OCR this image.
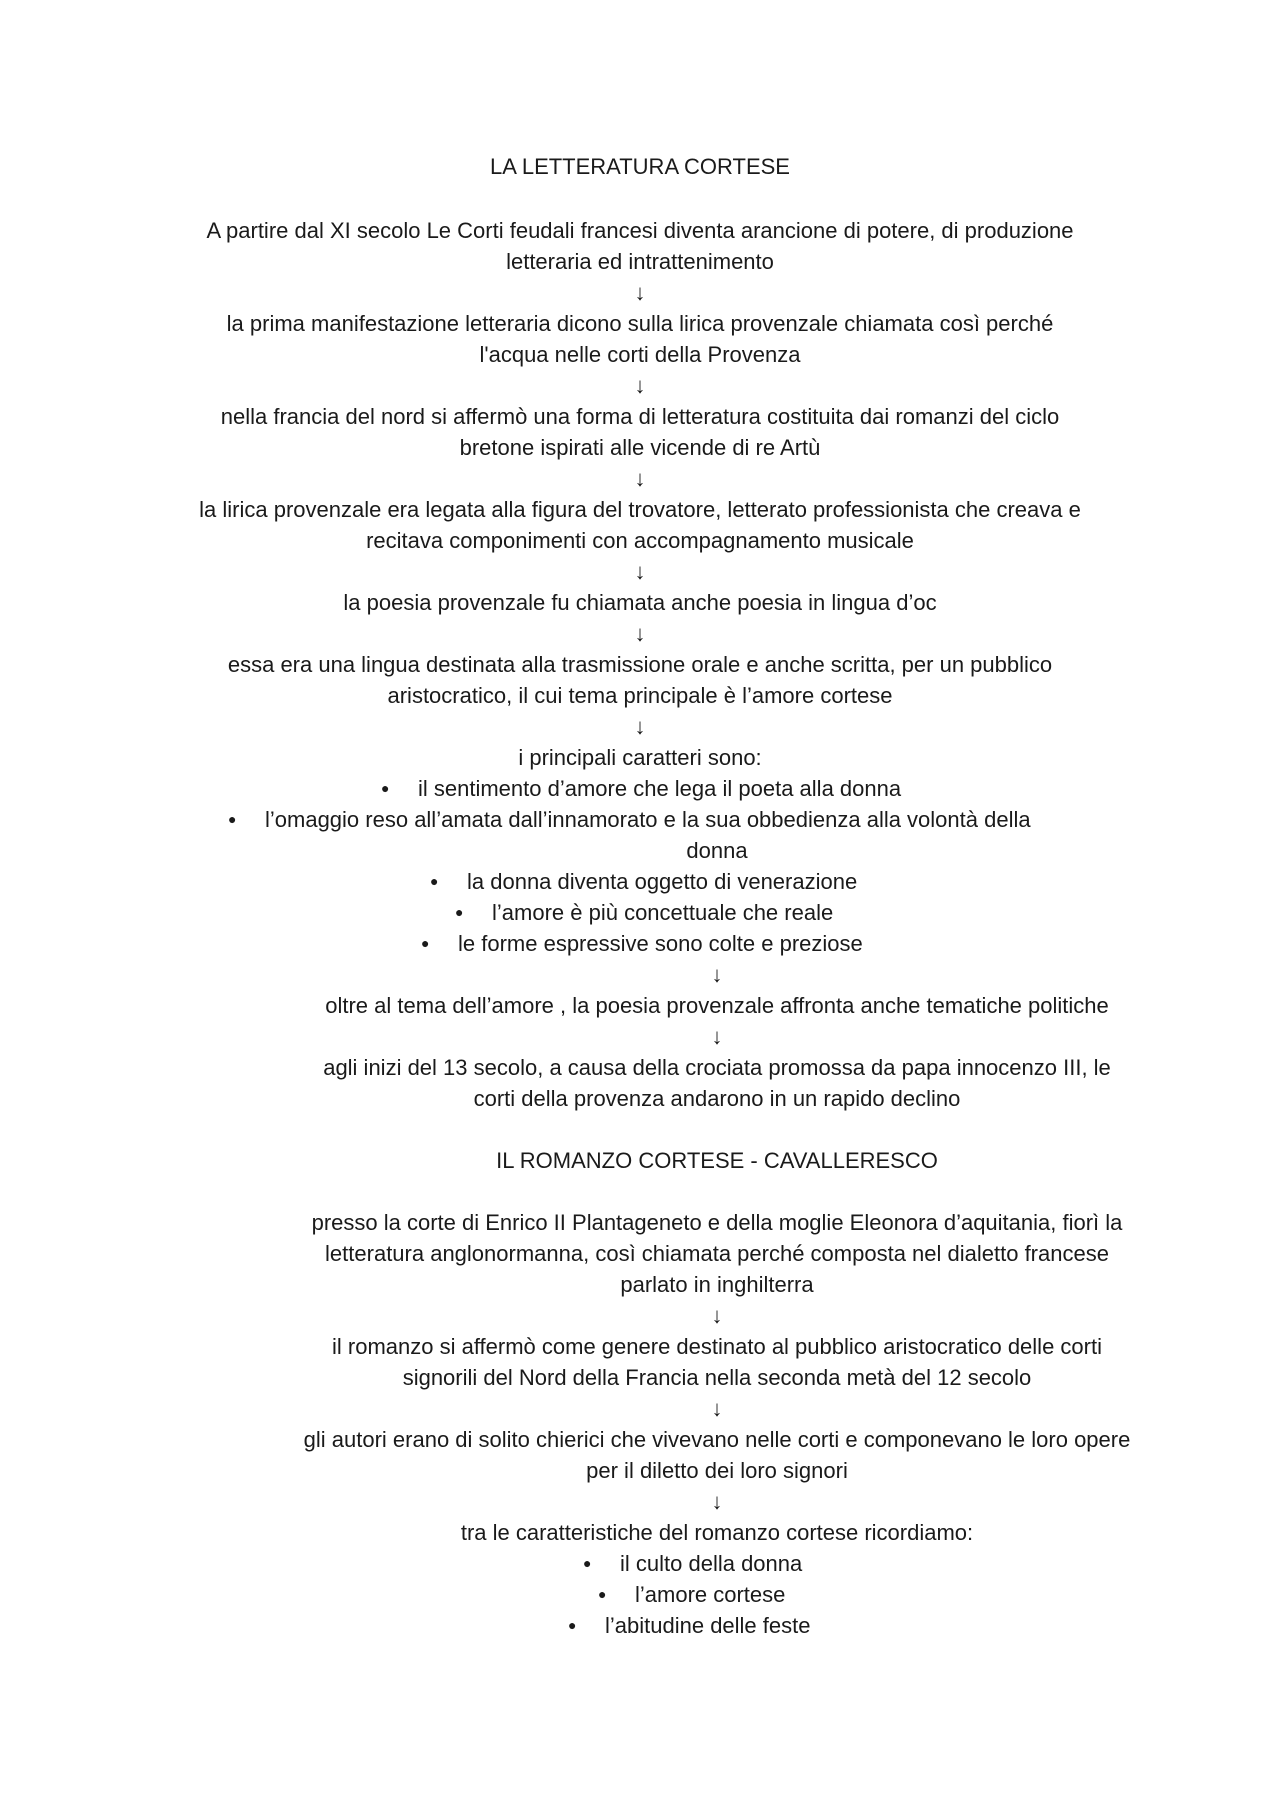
LA LETTERATURA CORTESE
A partire dal XI secolo Le Corti feudali francesi diventa arancione di potere, di produzione
letteraria ed intrattenimento
↓
la prima manifestazione letteraria dicono sulla lirica provenzale chiamata così perché
l'acqua nelle corti della Provenza
↓
nella francia del nord si affermò una forma di letteratura costituita dai romanzi del ciclo
bretone ispirati alle vicende di re Artù
↓
la lirica provenzale era legata alla figura del trovatore, letterato professionista che creava e
recitava componimenti con accompagnamento musicale
↓
la poesia provenzale fu chiamata anche poesia in lingua d’oc
↓
essa era una lingua destinata alla trasmissione orale e anche scritta, per un pubblico
aristocratico, il cui tema principale è l’amore cortese
↓
i principali caratteri sono:
● il sentimento d’amore che lega il poeta alla donna
● l’omaggio reso all’amata dall’innamorato e la sua obbedienza alla volontà della
donna
● la donna diventa oggetto di venerazione
● l’amore è più concettuale che reale
● le forme espressive sono colte e preziose
↓
oltre al tema dell’amore , la poesia provenzale affronta anche tematiche politiche
↓
agli inizi del 13 secolo, a causa della crociata promossa da papa innocenzo III, le
corti della provenza andarono in un rapido declino
IL ROMANZO CORTESE - CAVALLERESCO
presso la corte di Enrico II Plantageneto e della moglie Eleonora d’aquitania, fiorì la
letteratura anglonormanna, così chiamata perché composta nel dialetto francese
parlato in inghilterra
↓
il romanzo si affermò come genere destinato al pubblico aristocratico delle corti
signorili del Nord della Francia nella seconda metà del 12 secolo
↓
gli autori erano di solito chierici che vivevano nelle corti e componevano le loro opere
per il diletto dei loro signori
↓
tra le caratteristiche del romanzo cortese ricordiamo:
● il culto della donna
● l’amore cortese
● l’abitudine delle feste
